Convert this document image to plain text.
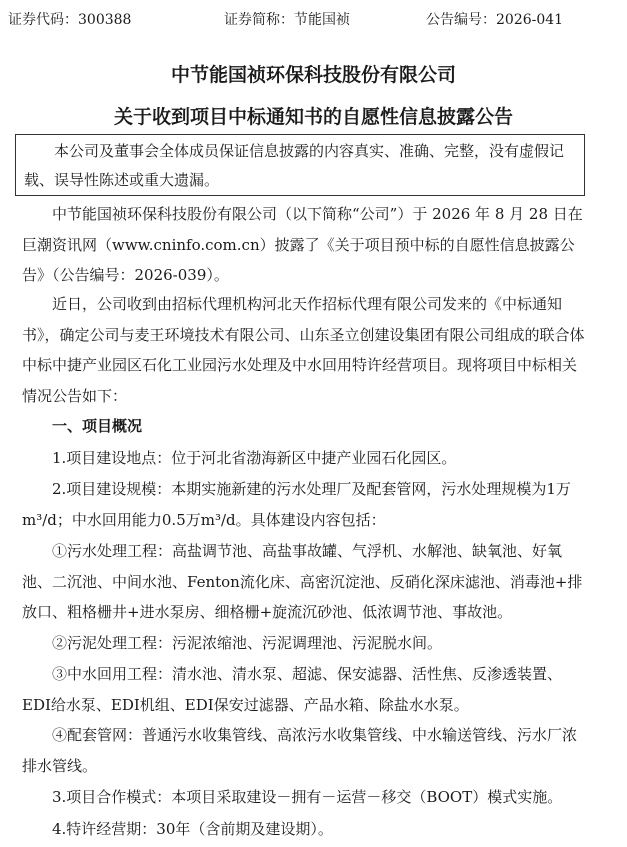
证券代码：300388	证券简称：节能国祯	公告编号：2026-041
中节能国祯环保科技股份有限公司
关于收到项目中标通知书的自愿性信息披露公告
本公司及董事会全体成员保证信息披露的内容真实、准确、完整，没有虚假记载、误导性陈述或重大遗漏。

中节能国祯环保科技股份有限公司（以下简称“公司”）于 2026 年 8 月 28 日在巨潮资讯网（www.cninfo.com.cn）披露了《关于项目预中标的自愿性信息披露公告》（公告编号：2026-039）。

近日，公司收到由招标代理机构河北天作招标代理有限公司发来的《中标通知书》，确定公司与麦王环境技术有限公司、山东圣立创建设集团有限公司组成的联合体中标中捷产业园区石化工业园污水处理及中水回用特许经营项目。现将项目中标相关情况公告如下：

一、项目概况

1.项目建设地点：位于河北省渤海新区中捷产业园石化园区。

2.项目建设规模：本期实施新建的污水处理厂及配套管网，污水处理规模为1万m³/d；中水回用能力0.5万m³/d。具体建设内容包括：

①污水处理工程：高盐调节池、高盐事故罐、气浮机、水解池、缺氧池、好氧池、二沉池、中间水池、Fenton流化床、高密沉淀池、反硝化深床滤池、消毒池+排放口、粗格栅井+进水泵房、细格栅+旋流沉砂池、低浓调节池、事故池。

②污泥处理工程：污泥浓缩池、污泥调理池、污泥脱水间。

③中水回用工程：清水池、清水泵、超滤、保安滤器、活性焦、反渗透装置、EDI给水泵、EDI机组、EDI保安过滤器、产品水箱、除盐水水泵。

④配套管网：普通污水收集管线、高浓污水收集管线、中水输送管线、污水厂浓排水管线。

3.项目合作模式：本项目采取建设－拥有－运营－移交（BOOT）模式实施。

4.特许经营期：30年（含前期及建设期）。
